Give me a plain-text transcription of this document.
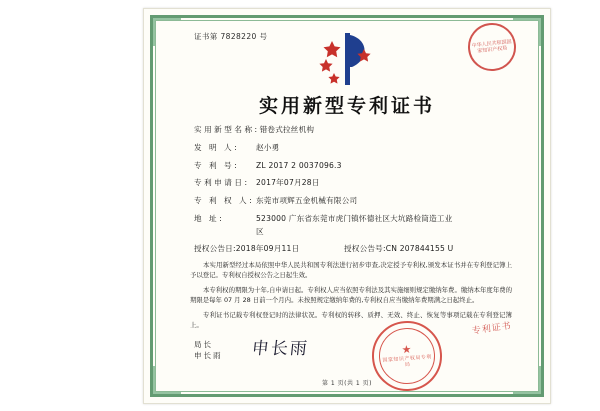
证书第 7828220 号
中华人民共和国国家知识产权局
实用新型专利证书
实用新型名称: 错卷式拉丝机构
发 明 人:	赵小勇
专 利 号:	ZL 2017 2 0037096.3
专利申请日: 2017年07月28日
专 利 权 人: 东莞市项辉五金机械有限公司
地 址:	523000 广东省东莞市虎门镇怀德社区大坑路检筒造工业
区
授权公告日:2018年09月11日	授权公告号:CN 207844155 U

本实用新型经过本局依照中华人民共和国专利法进行初步审查,决定授予专利权,颁发本证书并在专利登记簿上予以登记。专利权自授权公告之日起生效。

本专利权的期限为十年,自申请日起。专利权人应当依照专利法及其实施细则规定缴纳年费。缴纳本年度年费的期限是每年 07 月 28 日前一个月内。未按照规定缴纳年费的,专利权自应当缴纳年费期满之日起终止。

专利证书记载专利权登记时的法律状况。专利权的转移、质押、无效、终止、恢复等事项记载在专利登记簿上。

局长
申长雨 申长雨	★
国家知识产权局专利局
专利证书
第 1 页(共 1 页)
